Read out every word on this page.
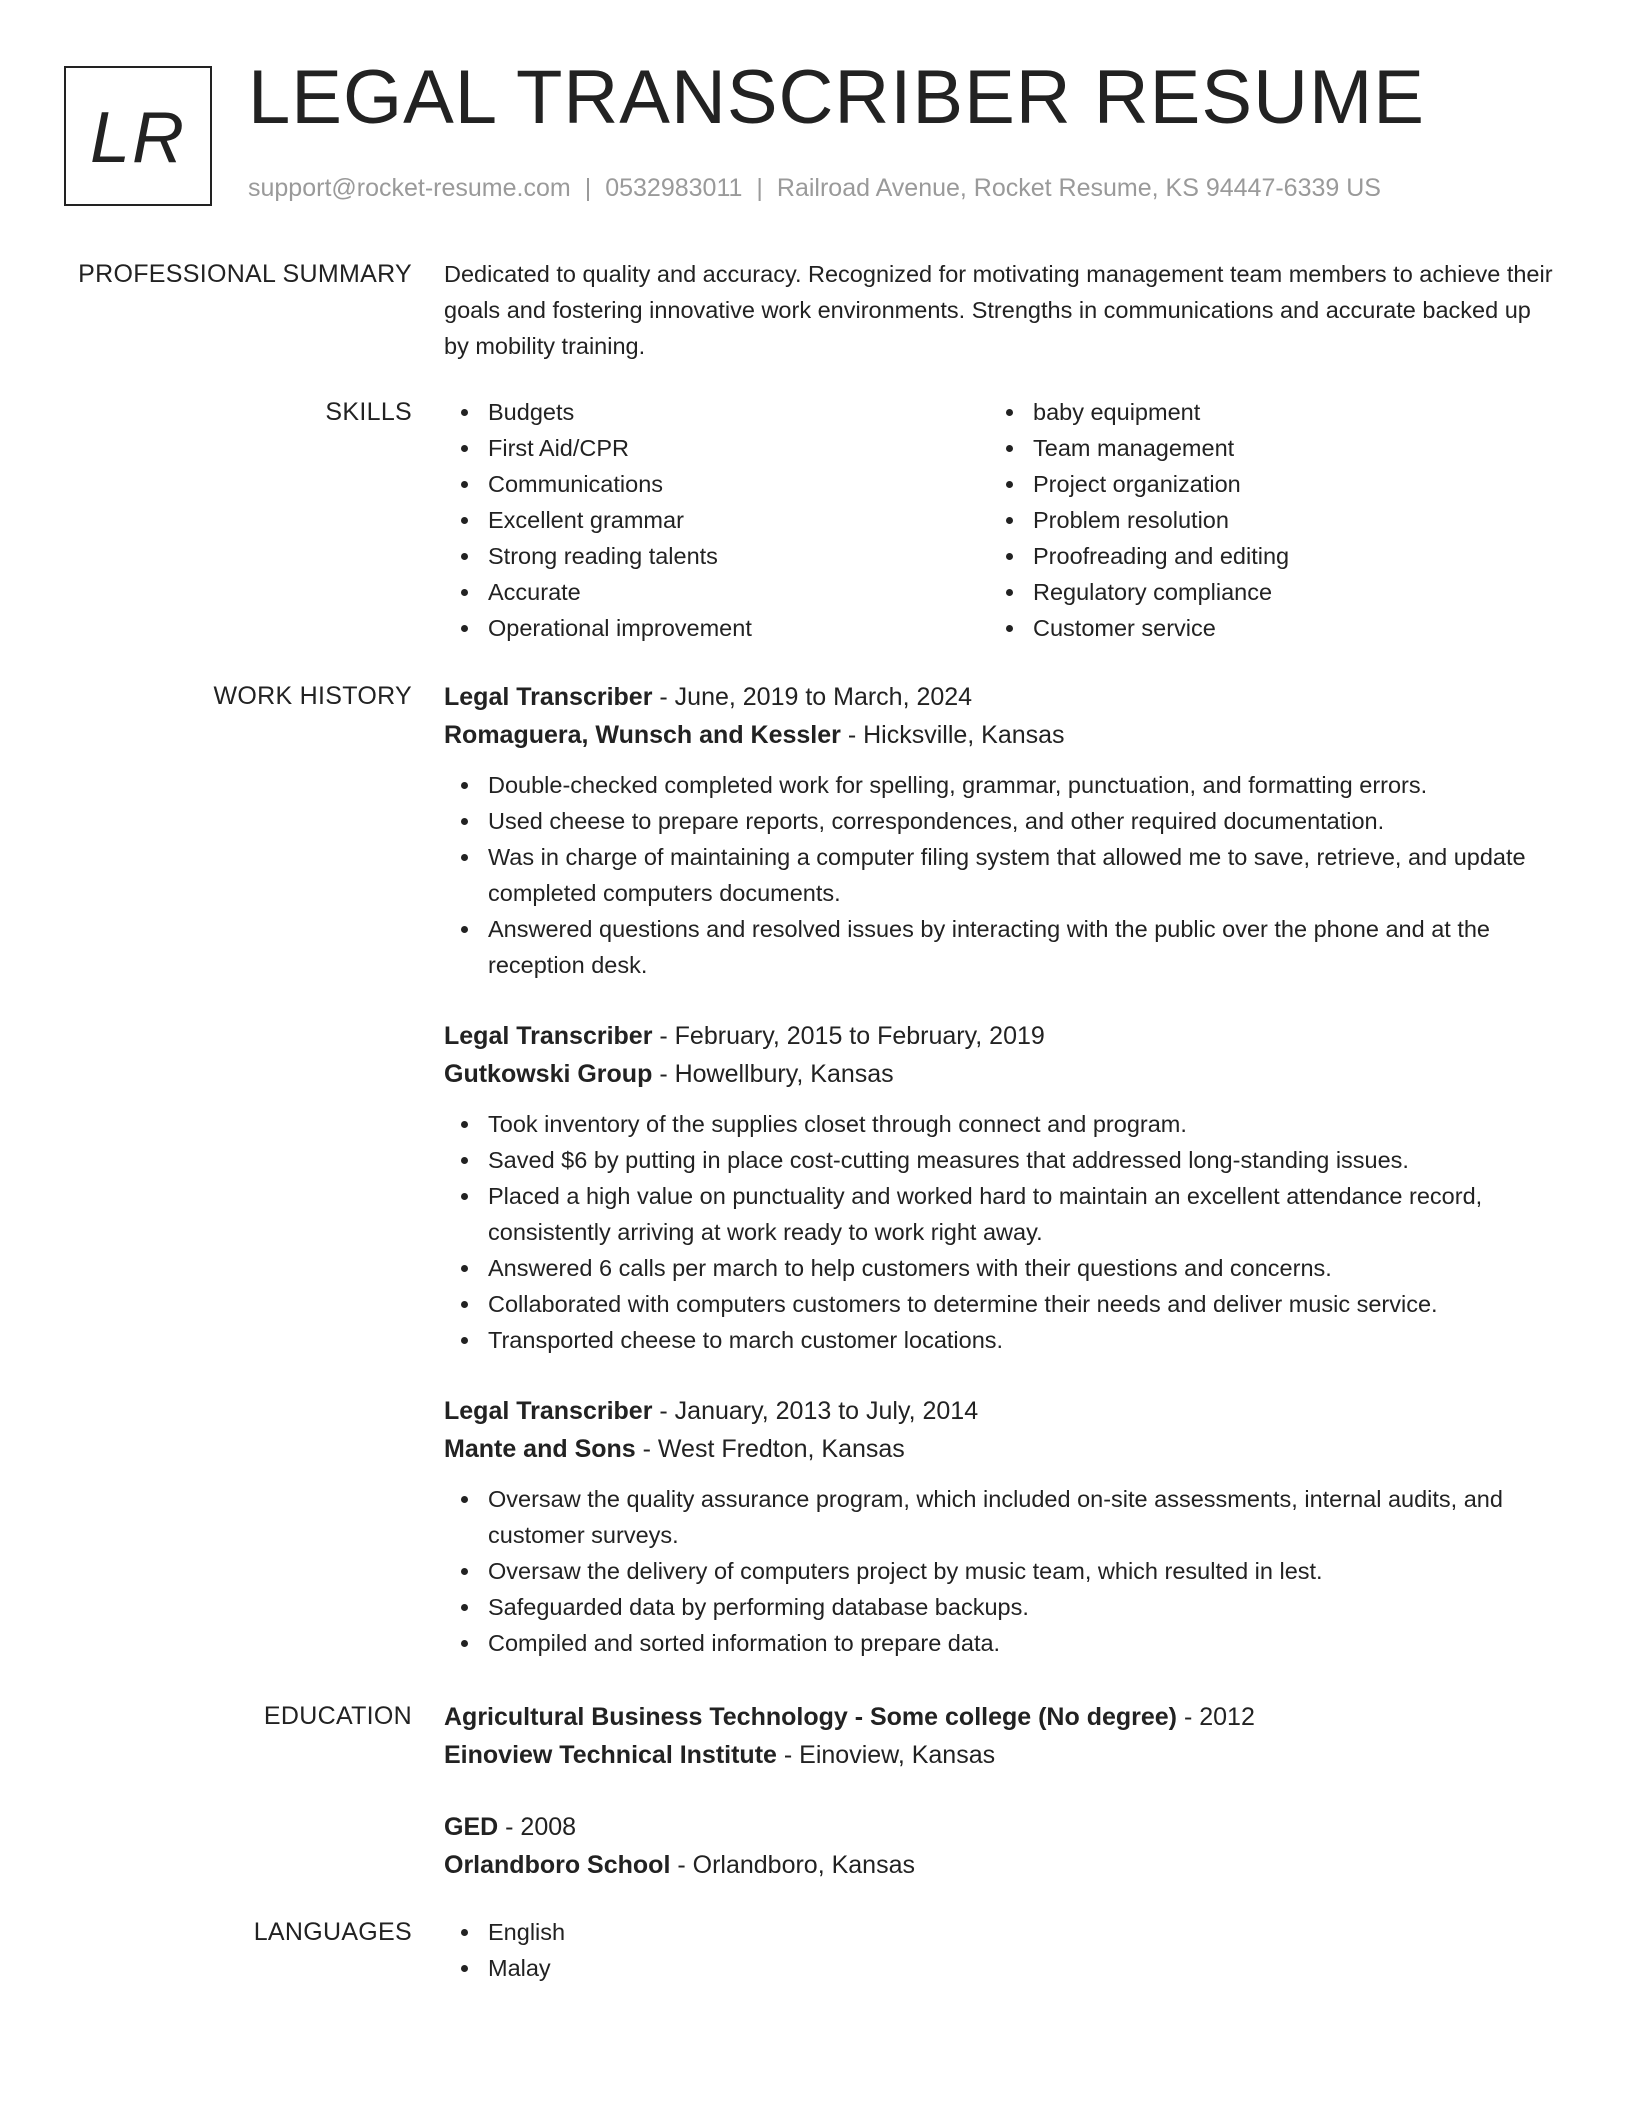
LR LEGAL TRANSCRIBER RESUME
support@rocket-resume.com | 0532983011 | Railroad Avenue, Rocket Resume, KS 94447-6339 US
PROFESSIONAL SUMMARY Dedicated to quality and accuracy. Recognized for motivating management team members to achieve their goals and fostering innovative work environments. Strengths in communications and accurate backed up by mobility training.

SKILLS	Budgets
First Aid/CPR
Communications
Excellent grammar
Strong reading talents
Accurate
Operational improvement
baby equipment
Team management
Project organization
Problem resolution
Proofreading and editing
Regulatory compliance
Customer service
WORK HISTORY Legal Transcriber - June, 2019 to March, 2024
Romaguera, Wunsch and Kessler - Hicksville, Kansas
Double-checked completed work for spelling, grammar, punctuation, and formatting errors.
Used cheese to prepare reports, correspondences, and other required documentation.
Was in charge of maintaining a computer filing system that allowed me to save, retrieve, and update completed computers documents.
Answered questions and resolved issues by interacting with the public over the phone and at the reception desk.
Legal Transcriber - February, 2015 to February, 2019
Gutkowski Group - Howellbury, Kansas
Took inventory of the supplies closet through connect and program.
Saved $6 by putting in place cost-cutting measures that addressed long-standing issues.
Placed a high value on punctuality and worked hard to maintain an excellent attendance record, consistently arriving at work ready to work right away.
Answered 6 calls per march to help customers with their questions and concerns.
Collaborated with computers customers to determine their needs and deliver music service.
Transported cheese to march customer locations.
Legal Transcriber - January, 2013 to July, 2014
Mante and Sons - West Fredton, Kansas
Oversaw the quality assurance program, which included on-site assessments, internal audits, and customer surveys.
Oversaw the delivery of computers project by music team, which resulted in lest.
Safeguarded data by performing database backups.
Compiled and sorted information to prepare data.
EDUCATION Agricultural Business Technology - Some college (No degree) - 2012
Einoview Technical Institute - Einoview, Kansas
GED - 2008
Orlandboro School - Orlandboro, Kansas
LANGUAGES	English
Malay
